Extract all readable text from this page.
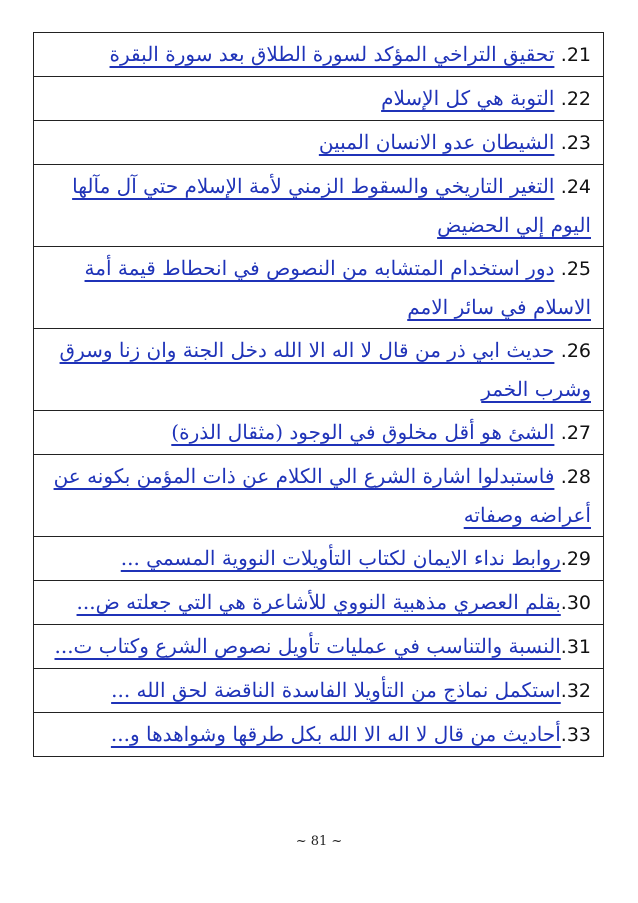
21. تحقيق التراخي المؤكد لسورة الطلاق بعد سورة البقرة
22. التوبة هي كل الإسلام
23. الشيطان عدو الانسان المبين
24. التغير التاريخي والسقوط الزمني لأمة الإسلام حتي آل مآلها اليوم إلي الحضيض
25. دور استخدام المتشابه من النصوص في انحطاط قيمة أمة الاسلام في سائر الامم
26. حديث ابي ذر من قال لا اله الا الله دخل الجنة وان زنا وسرق وشرب الخمر
27. الشئ هو أقل مخلوق في الوجود (مثقال الذرة)
28. فاستبدلوا اشارة الشرع الي الكلام عن ذات المؤمن بكونه عن أعراضه وصفاته
29.روابط نداء الايمان لكتاب التأويلات النووية المسمي ...
30.بقلم العصري مذهبية النووي للأشاعرة هي التي جعلته ض...
31.النسبة والتناسب في عمليات تأويل نصوص الشرع وكتاب ت...
32.استكمل نماذج من التأويلا الفاسدة الناقضة لحق الله ...
33.أحاديث من قال لا اله الا الله بكل طرقها وشواهدها و...
~ 81 ~
